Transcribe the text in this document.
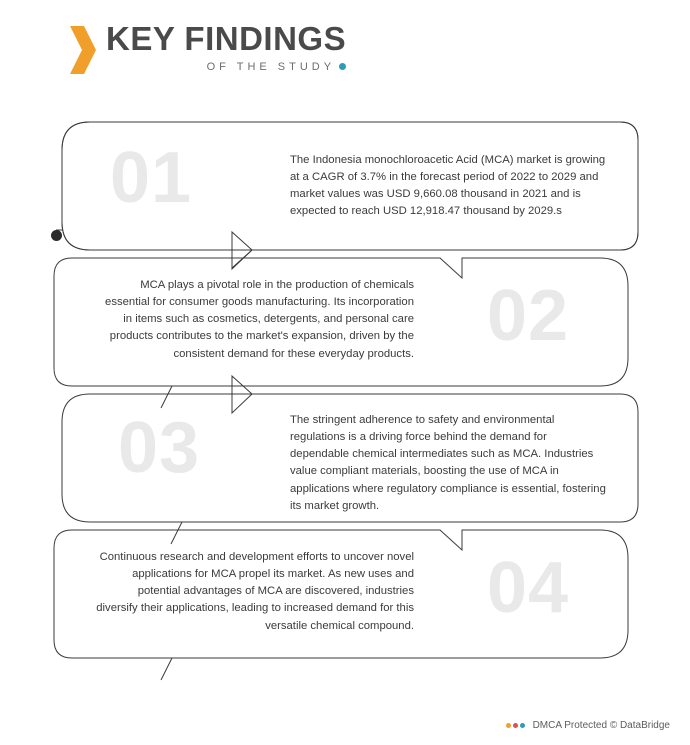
KEY FINDINGS
OF THE STUDY
01	The Indonesia monochloroacetic Acid (MCA) market is growing at a CAGR of 3.7% in the forecast period of 2022 to 2029 and market values was USD 9,660.08 thousand in 2021 and is expected to reach USD 12,918.47 thousand by 2029.s
02
MCA plays a pivotal role in the production of chemicals essential for consumer goods manufacturing. Its incorporation in items such as cosmetics, detergents, and personal care products contributes to the market's expansion, driven by the consistent demand for these everyday products.
03	The stringent adherence to safety and environmental regulations is a driving force behind the demand for dependable chemical intermediates such as MCA. Industries value compliant materials, boosting the use of MCA in applications where regulatory compliance is essential, fostering its market growth.
04
Continuous research and development efforts to uncover novel applications for MCA propel its market. As new uses and potential advantages of MCA are discovered, industries diversify their applications, leading to increased demand for this versatile chemical compound.
DMCA Protected © DataBridge
